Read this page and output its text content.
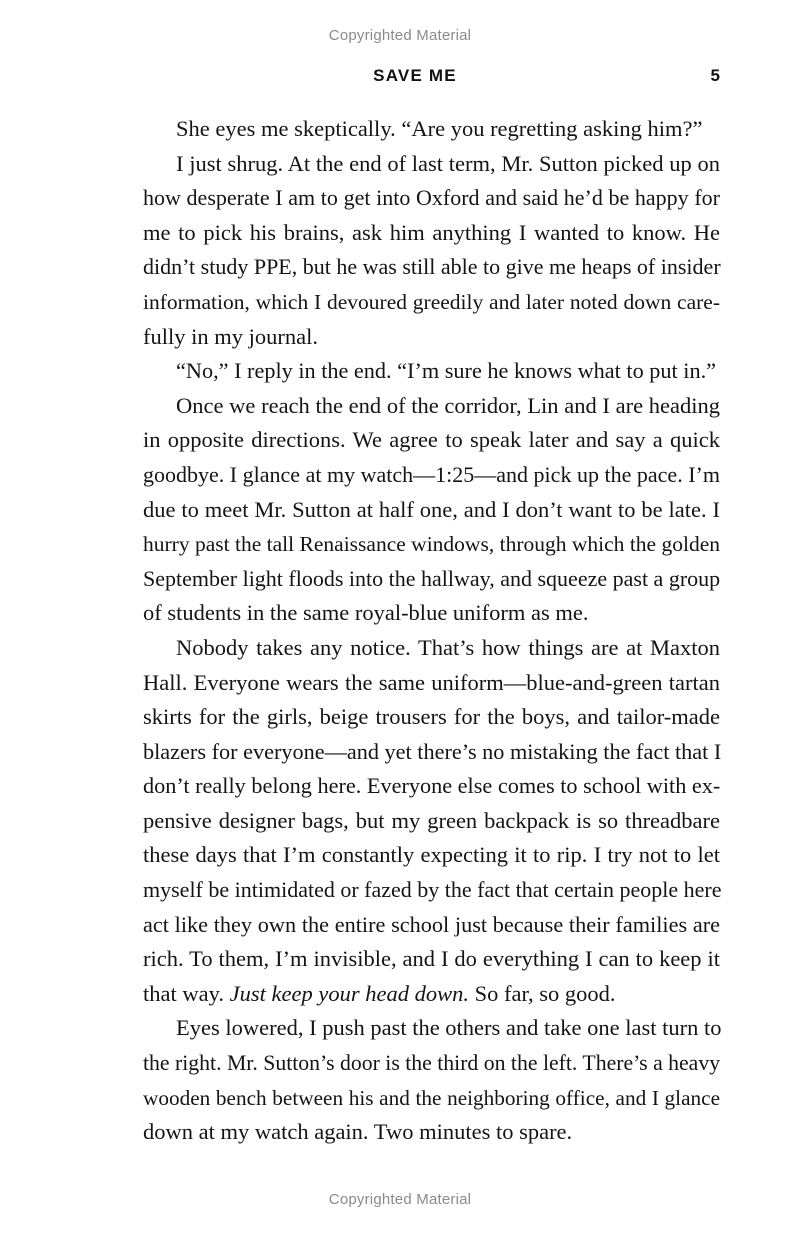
Copyrighted Material
SAVE ME	5

She eyes me skeptically. “Are you regretting asking him?”

I just shrug. At the end of last term, Mr. Sutton picked up on
how desperate I am to get into Oxford and said he’d be happy for
me to pick his brains, ask him anything I wanted to know. He
didn’t study PPE, but he was still able to give me heaps of insider
information, which I devoured greedily and later noted down care-
fully in my journal.

“No,” I reply in the end. “I’m sure he knows what to put in.”

Once we reach the end of the corridor, Lin and I are heading
in opposite directions. We agree to speak later and say a quick
goodbye. I glance at my watch—1:25—and pick up the pace. I’m
due to meet Mr. Sutton at half one, and I don’t want to be late. I
hurry past the tall Renaissance windows, through which the golden
September light floods into the hallway, and squeeze past a group
of students in the same royal-blue uniform as me.

Nobody takes any notice. That’s how things are at Maxton
Hall. Everyone wears the same uniform—blue-and-green tartan
skirts for the girls, beige trousers for the boys, and tailor-made
blazers for everyone—and yet there’s no mistaking the fact that I
don’t really belong here. Everyone else comes to school with ex-
pensive designer bags, but my green backpack is so threadbare
these days that I’m constantly expecting it to rip. I try not to let
myself be intimidated or fazed by the fact that certain people here
act like they own the entire school just because their families are
rich. To them, I’m invisible, and I do everything I can to keep it
that way. Just keep your head down. So far, so good.

Eyes lowered, I push past the others and take one last turn to
the right. Mr. Sutton’s door is the third on the left. There’s a heavy
wooden bench between his and the neighboring office, and I glance
down at my watch again. Two minutes to spare.

Copyrighted Material
